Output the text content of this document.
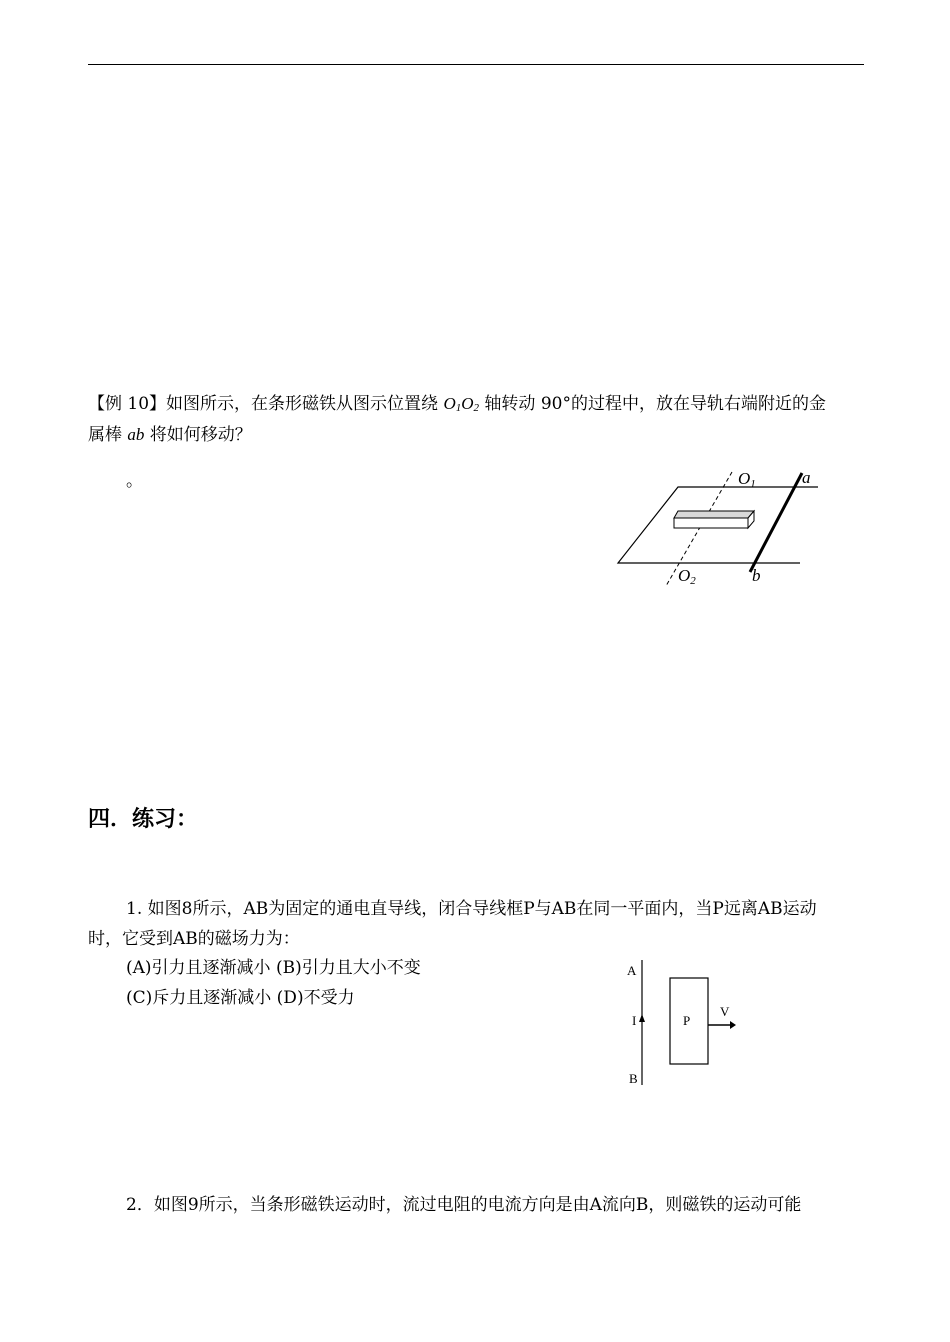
【例 10】如图所示，在条形磁铁从图示位置绕 O1O2 轴转动 90°的过程中，放在导轨右端附近的金
属棒 ab 将如何移动？
。	O1	a
O2	b
四．练习：
1. 如图8所示，AB为固定的通电直导线，闭合导线框P与AB在同一平面内，当P远离AB运动
时，它受到AB的磁场力为：
(A)引力且逐渐减小 (B)引力且大小不变
(C)斥力且逐渐减小 (D)不受力
A
I
B
P
V
2．如图9所示，当条形磁铁运动时，流过电阻的电流方向是由A流向B，则磁铁的运动可能
